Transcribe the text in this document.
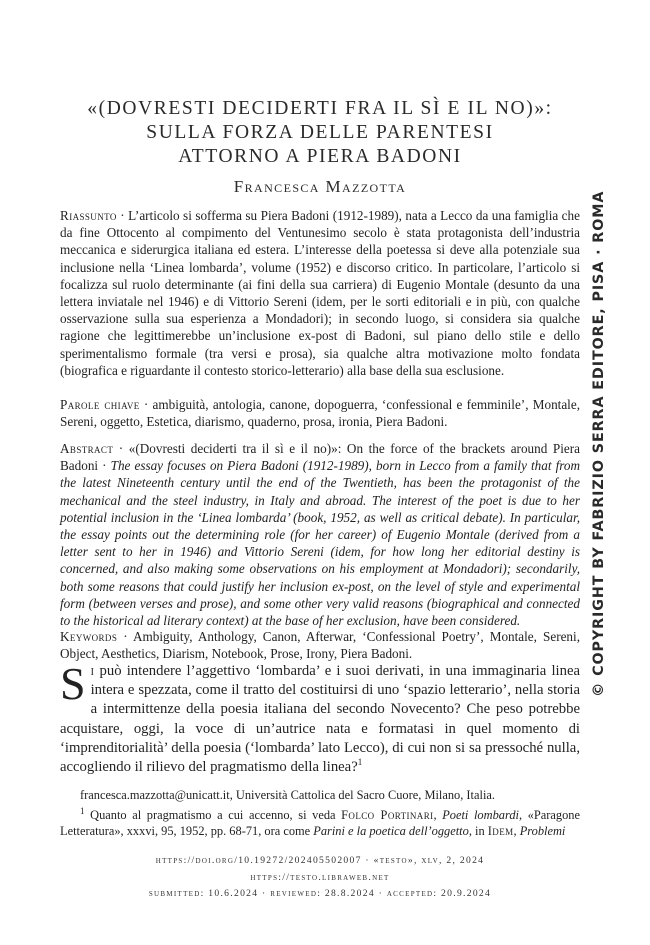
«(DOVRESTI DECIDERTI FRA IL SÌ E IL NO)»:
SULLA FORZA DELLE PARENTESI
ATTORNO A PIERA BADONI
Francesca Mazzotta

Riassunto · L’articolo si sofferma su Piera Badoni (1912-1989), nata a Lecco da una famiglia che da fine Ottocento al compimento del Ventunesimo secolo è stata protagonista dell’industria meccanica e siderurgica italiana ed estera. L’interesse della poetessa si deve alla potenziale sua inclusione nella ‘Linea lombarda’, volume (1952) e discorso critico. In particolare, l’articolo si focalizza sul ruolo determinante (ai fini della sua carriera) di Eugenio Montale (desunto da una lettera inviatale nel 1946) e di Vittorio Sereni (idem, per le sorti editoriali e in più, con qualche osservazione sulla sua esperienza a Mondadori); in secondo luogo, si considera sia qualche ragione che legittimerebbe un’inclusione ex-post di Badoni, sul piano dello stile e dello sperimentalismo formale (tra versi e prosa), sia qualche altra motivazione molto fondata (biografica e riguardante il contesto storico-letterario) alla base della sua esclusione.

Parole chiave · ambiguità, antologia, canone, dopoguerra, ‘confessional e femminile’, Montale, Sereni, oggetto, Estetica, diarismo, quaderno, prosa, ironia, Piera Badoni.

Abstract · «(Dovresti deciderti tra il sì e il no)»: On the force of the brackets around Piera Badoni · The essay focuses on Piera Badoni (1912-1989), born in Lecco from a family that from the latest Nineteenth century until the end of the Twentieth, has been the protagonist of the mechanical and the steel industry, in Italy and abroad. The interest of the poet is due to her potential inclusion in the ‘Linea lombarda’ (book, 1952, as well as critical debate). In particular, the essay points out the determining role (for her career) of Eugenio Montale (derived from a letter sent to her in 1946) and Vittorio Sereni (idem, for how long her editorial destiny is concerned, and also making some observations on his employment at Mondadori); secondarily, both some reasons that could justify her inclusion ex-post, on the level of style and experimental form (between verses and prose), and some other very valid reasons (biographical and connected to the historical ad literary context) at the base of her exclusion, have been considered.

Keywords · Ambiguity, Anthology, Canon, Afterwar, ‘Confessional Poetry’, Montale, Sereni, Object, Aesthetics, Diarism, Notebook, Prose, Irony, Piera Badoni.

Si può intendere l’aggettivo ‘lombarda’ e i suoi derivati, in una immaginaria linea intera e spezzata, come il tratto del costituirsi di uno ‘spazio letterario’, nella storia a intermittenze della poesia italiana del secondo Novecento? Che peso potrebbe acquistare, oggi, la voce di un’autrice nata e formatasi in quel momento di ‘imprenditorialità’ della poesia (‘lombarda’ lato Lecco), di cui non si sa pressoché nulla, accogliendo il rilievo del pragmatismo della linea?$^1$

francesca.mazzotta@unicatt.it, Università Cattolica del Sacro Cuore, Milano, Italia.

$^1$ Quanto al pragmatismo a cui accenno, si veda Folco Portinari, Poeti lombardi, «Paragone Letteratura», xxxvi, 95, 1952, pp. 68-71, ora come Parini e la poetica dell’oggetto, in Idem, Problemi

https://doi.org/10.19272/202405502007 · «testo», xlv, 2, 2024
https://testo.libraweb.net
submitted: 10.6.2024 · reviewed: 28.8.2024 · accepted: 20.9.2024
© COPYRIGHT BY FABRIZIO SERRA EDITORE, PISA · ROMA
